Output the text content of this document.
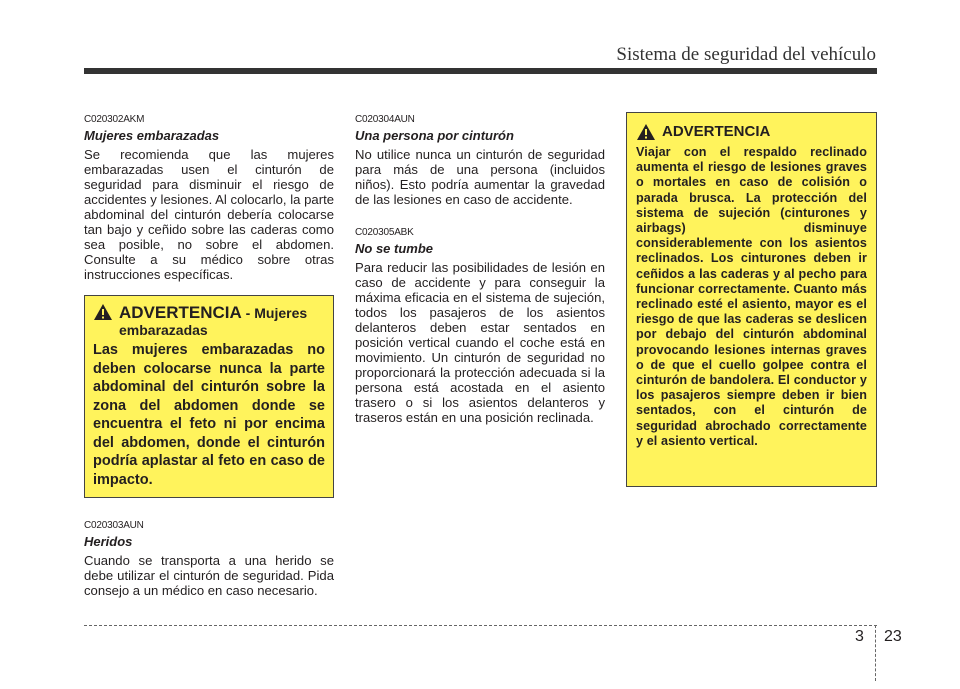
Sistema de seguridad del vehículo
C020302AKM
Mujeres embarazadas
Se recomienda que las mujeres embarazadas usen el cinturón de seguridad para disminuir el riesgo de accidentes y lesiones. Al colocarlo, la parte abdominal del cinturón debería colocarse tan bajo y ceñido sobre las caderas como sea posible, no sobre el abdomen. Consulte a su médico sobre otras instrucciones específicas.
ADVERTENCIA - Mujeres
embarazadas
Las mujeres embarazadas no deben colocarse nunca la parte abdominal del cinturón sobre la zona del abdomen donde se encuentra el feto ni por encima del abdomen, donde el cinturón podría aplastar al feto en caso de impacto.
C020303AUN
Heridos
Cuando se transporta a una herido se debe utilizar el cinturón de seguridad. Pida consejo a un médico en caso necesario.
C020304AUN
Una persona por cinturón
No utilice nunca un cinturón de seguridad para más de una persona (incluidos niños). Esto podría aumentar la gravedad de las lesiones en caso de accidente.
C020305ABK
No se tumbe
Para reducir las posibilidades de lesión en caso de accidente y para conseguir la máxima eficacia en el sistema de sujeción, todos los pasajeros de los asientos delanteros deben estar sentados en posición vertical cuando el coche está en movimiento. Un cinturón de seguridad no proporcionará la protección adecuada si la persona está acostada en el asiento trasero o si los asientos delanteros y traseros están en una posición reclinada.
ADVERTENCIA
Viajar con el respaldo reclinado aumenta el riesgo de lesiones graves o mortales en caso de colisión o parada brusca. La protección del sistema de sujeción (cinturones y airbags) disminuye considerablemente con los asientos reclinados. Los cinturones deben ir ceñidos a las caderas y al pecho para funcionar correctamente. Cuanto más reclinado esté el asiento, mayor es el riesgo de que las caderas se deslicen por debajo del cinturón abdominal provocando lesiones internas graves o de que el cuello golpee contra el cinturón de bandolera. El conductor y los pasajeros siempre deben ir bien sentados, con el cinturón de seguridad abrochado correctamente y el asiento vertical.
3 23
